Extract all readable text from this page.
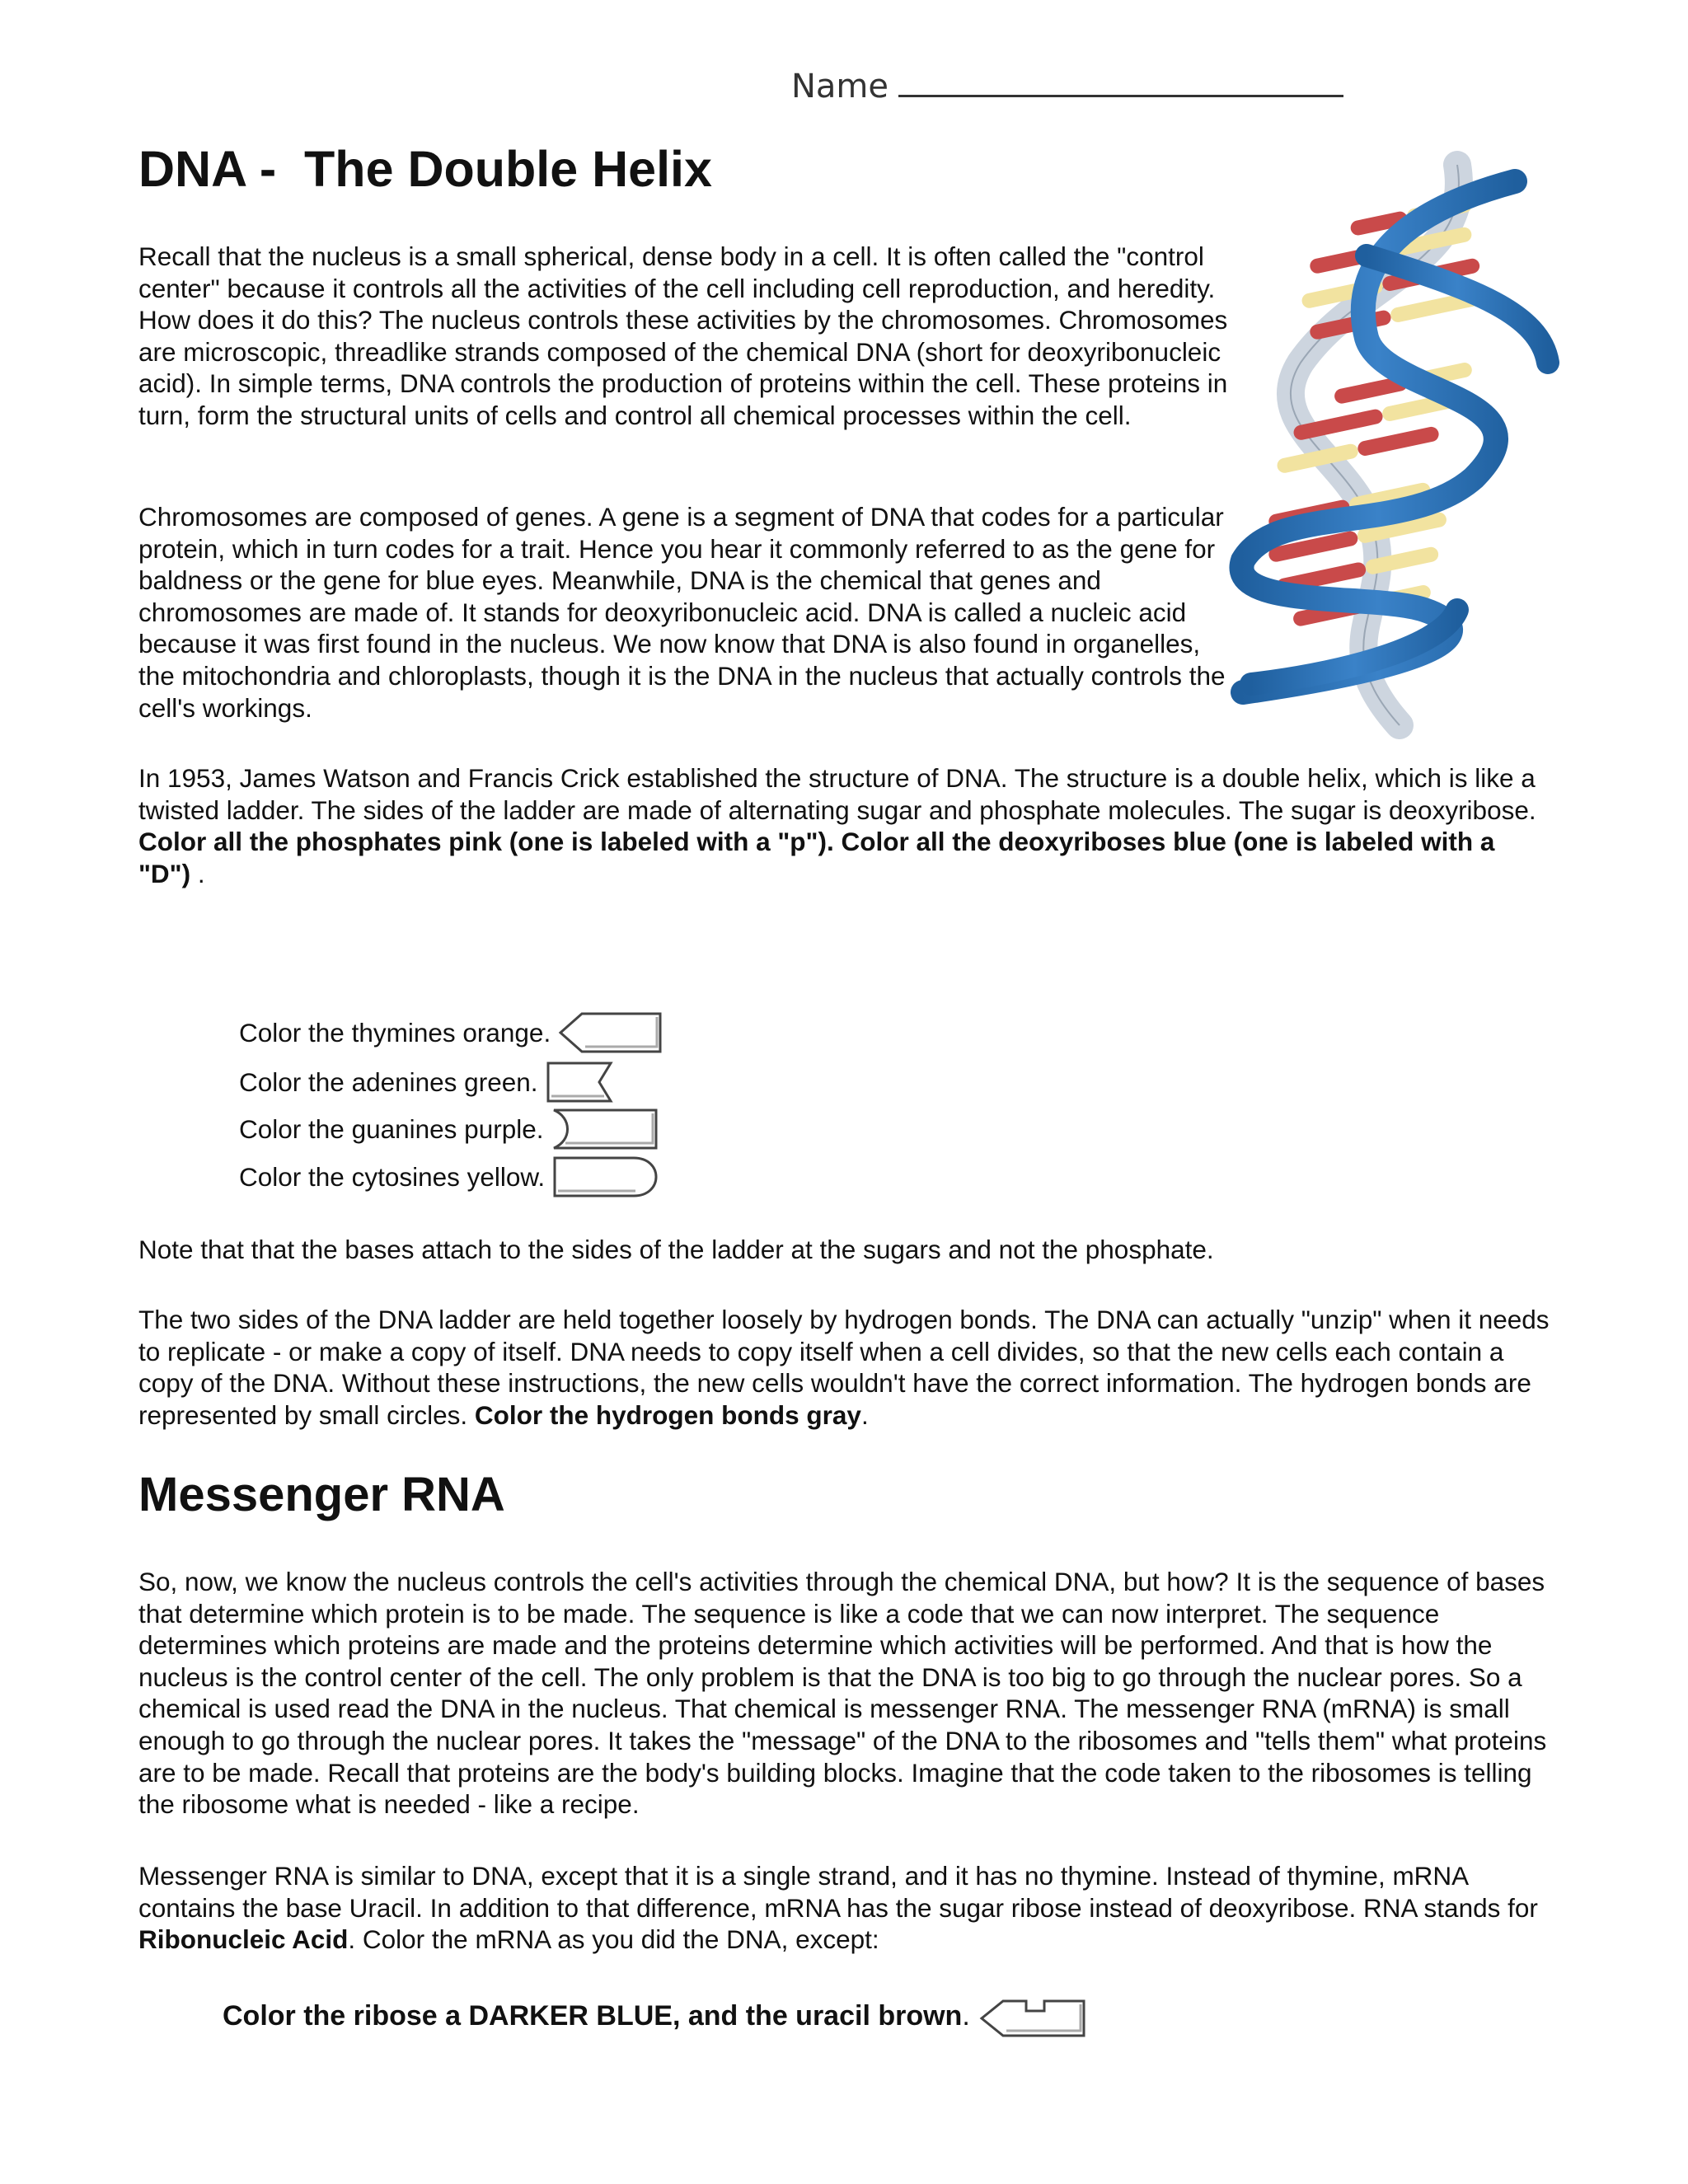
Name
DNA -  The Double Helix

Recall that the nucleus is a small spherical, dense body in a cell. It is often called the "control center" because it controls all the activities of the cell including cell reproduction, and heredity. How does it do this? The nucleus controls these activities by the chromosomes. Chromosomes are microscopic, threadlike strands composed of the chemical DNA (short for deoxyribonucleic acid). In simple terms, DNA controls the production of proteins within the cell. These proteins in turn, form the structural units of cells and control all chemical processes within the cell.

Chromosomes are composed of genes. A gene is a segment of DNA that codes for a particular protein, which in turn codes for a trait. Hence you hear it commonly referred to as the gene for baldness or the gene for blue eyes. Meanwhile, DNA is the chemical that genes and chromosomes are made of. It stands for deoxyribonucleic acid. DNA is called a nucleic acid because it was first found in the nucleus. We now know that DNA is also found in organelles, the mitochondria and chloroplasts, though it is the DNA in the nucleus that actually controls the cell's workings.

In 1953, James Watson and Francis Crick established the structure of DNA. The structure is a double helix, which is like a twisted ladder. The sides of the ladder are made of alternating sugar and phosphate molecules. The sugar is deoxyribose. Color all the phosphates pink (one is labeled with a "p"). Color all the deoxyriboses blue (one is labeled with a "D") .

Color the thymines orange.
Color the adenines green.
Color the guanines purple.
Color the cytosines yellow.

Note that that the bases attach to the sides of the ladder at the sugars and not the phosphate.

The two sides of the DNA ladder are held together loosely by hydrogen bonds. The DNA can actually "unzip" when it needs to replicate - or make a copy of itself. DNA needs to copy itself when a cell divides, so that the new cells each contain a copy of the DNA. Without these instructions, the new cells wouldn't have the correct information. The hydrogen bonds are represented by small circles. Color the hydrogen bonds gray.

Messenger RNA

So, now, we know the nucleus controls the cell's activities through the chemical DNA, but how? It is the sequence of bases that determine which protein is to be made. The sequence is like a code that we can now interpret. The sequence determines which proteins are made and the proteins determine which activities will be performed. And that is how the nucleus is the control center of the cell. The only problem is that the DNA is too big to go through the nuclear pores. So a chemical is used read the DNA in the nucleus. That chemical is messenger RNA. The messenger RNA (mRNA) is small enough to go through the nuclear pores. It takes the "message" of the DNA to the ribosomes and "tells them" what proteins are to be made. Recall that proteins are the body's building blocks. Imagine that the code taken to the ribosomes is telling the ribosome what is needed - like a recipe.

Messenger RNA is similar to DNA, except that it is a single strand, and it has no thymine. Instead of thymine, mRNA contains the base Uracil. In addition to that difference, mRNA has the sugar ribose instead of deoxyribose. RNA stands for Ribonucleic Acid. Color the mRNA as you did the DNA, except:

Color the ribose a DARKER BLUE, and the uracil brown .
